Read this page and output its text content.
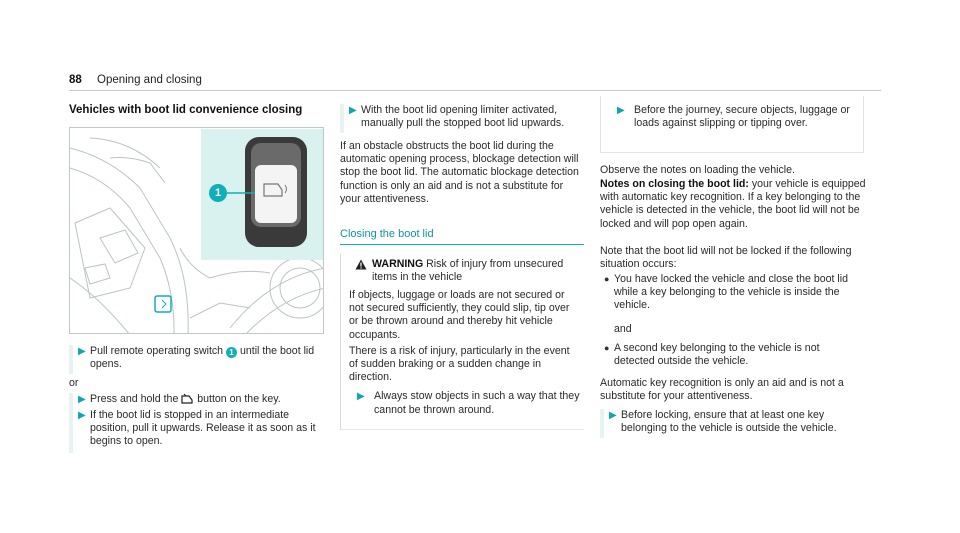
88 Opening and closing
Vehicles with boot lid convenience closing
1
▶ Pull remote operating switch 1 until the boot lid opens.
or
▶ Press and hold the  button on the key.
▶ If the boot lid is stopped in an intermediate position, pull it upwards. Release it as soon as it begins to open.
▶ With the boot lid opening limiter activated, manually pull the stopped boot lid upwards.
If an obstacle obstructs the boot lid during the automatic opening process, blockage detection will stop the boot lid. The automatic blockage detection function is only an aid and is not a substitute for your attentiveness.
Closing the boot lid
WARNING Risk of injury from unsecured items in the vehicle
If objects, luggage or loads are not secured or not secured sufficiently, they could slip, tip over or be thrown around and thereby hit vehicle occupants.
There is a risk of injury, particularly in the event of sudden braking or a sudden change in direction.
▶ Always stow objects in such a way that they cannot be thrown around.
▶ Before the journey, secure objects, luggage or loads against slipping or tipping over.
Observe the notes on loading the vehicle.
Notes on closing the boot lid: your vehicle is equipped with automatic key recognition. If a key belonging to the vehicle is detected in the vehicle, the boot lid will not be locked and will pop open again.
Note that the boot lid will not be locked if the following situation occurs:
● You have locked the vehicle and close the boot lid while a key belonging to the vehicle is inside the vehicle.
and
● A second key belonging to the vehicle is not detected outside the vehicle.
Automatic key recognition is only an aid and is not a substitute for your attentiveness.
▶ Before locking, ensure that at least one key belonging to the vehicle is outside the vehicle.
